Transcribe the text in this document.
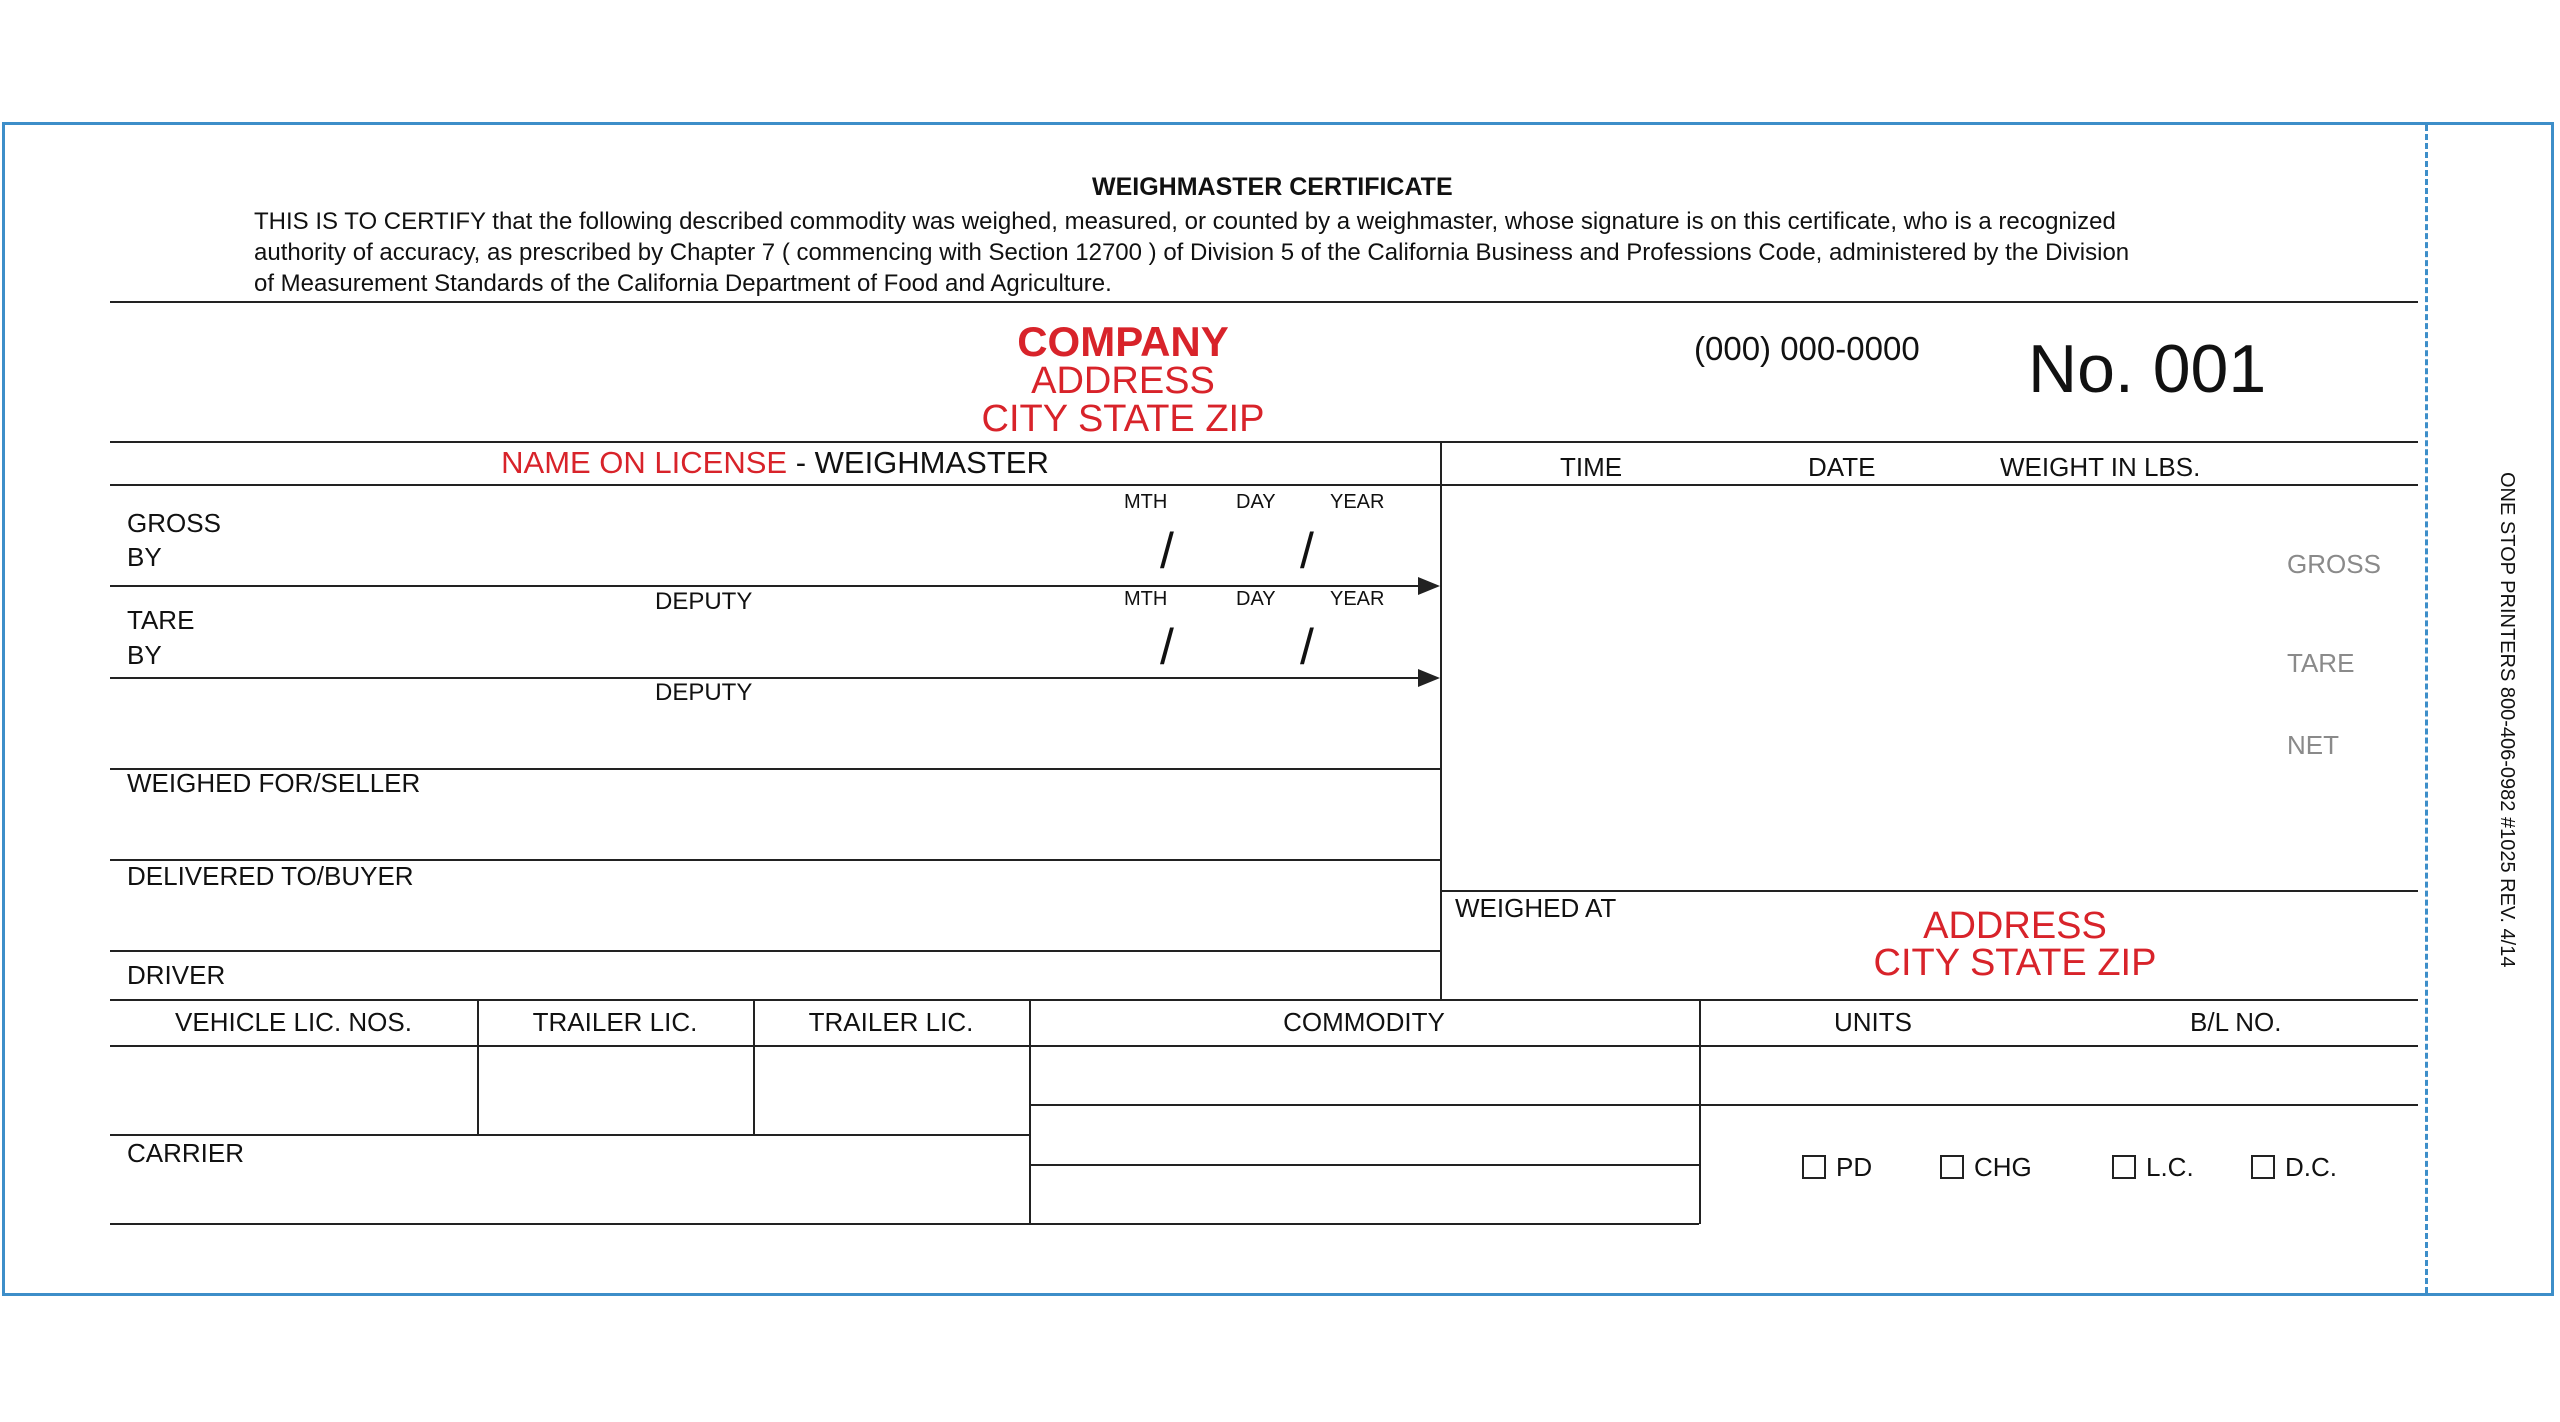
WEIGHMASTER CERTIFICATE
THIS IS TO CERTIFY that the following described commodity was weighed, measured, or counted by a weighmaster, whose signature is on this certificate, who is a recognized
authority of accuracy, as prescribed by Chapter 7 ( commencing with Section 12700 ) of Division 5 of the California Business and Professions Code, administered by the Division
of Measurement Standards of the California Department of Food and Agriculture.
COMPANY
ADDRESS
CITY STATE ZIP
(000) 000-0000 No. 001
NAME ON LICENSE - WEIGHMASTER	TIME	DATE	WEIGHT IN LBS.
GROSS
BY
MTH	DAY	YEAR
/	/
DEPUTY
TARE
BY
MTH	DAY	YEAR
/	/
DEPUTY
GROSS
TARE
NET
WEIGHED FOR/SELLER
DELIVERED TO/BUYER
DRIVER
WEIGHED AT	ADDRESS
CITY STATE ZIP
VEHICLE LIC. NOS.	TRAILER LIC.	TRAILER LIC.	COMMODITY	UNITS	B/L NO.
CARRIER	PD	CHG	L.C.	D.C.
ONE STOP PRINTERS 800-406-0982 #1025 REV. 4/14
